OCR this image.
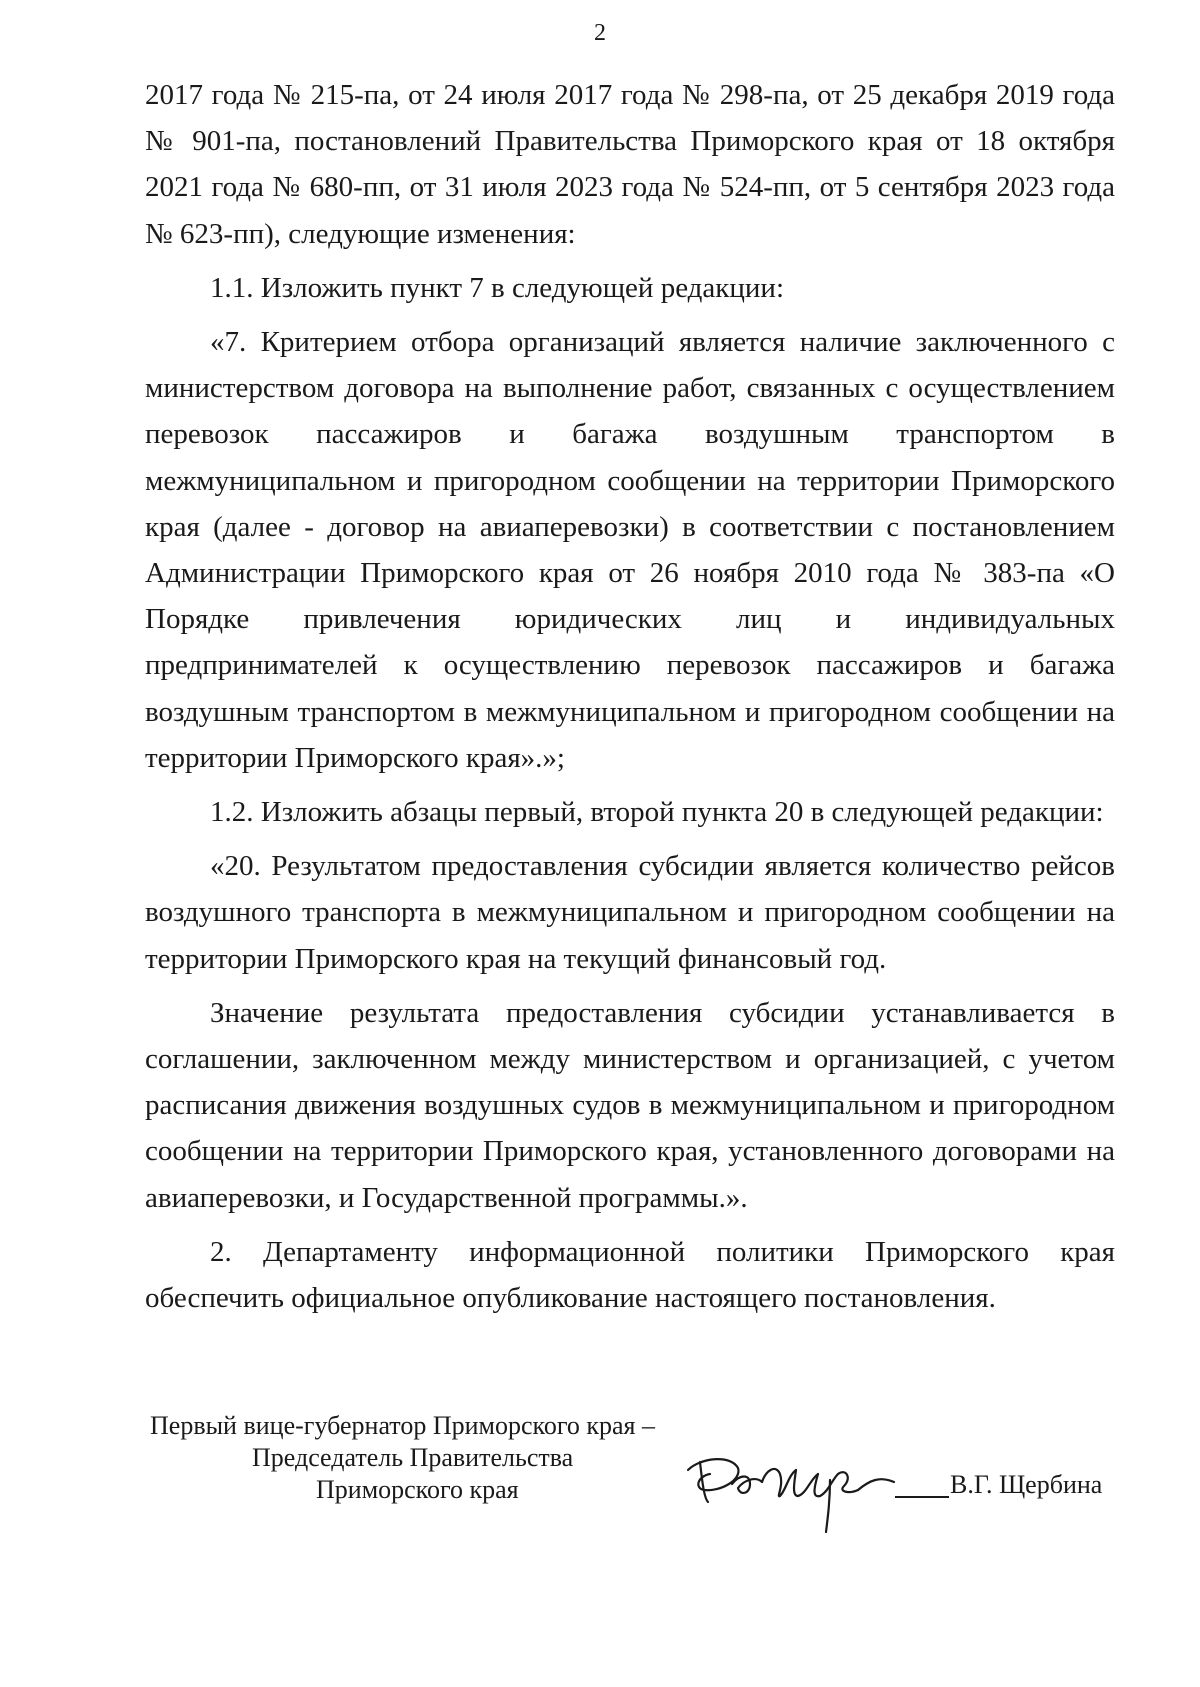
2

2017 года № 215-па, от 24 июля 2017 года № 298-па, от 25 декабря 2019 года № 901-па, постановлений Правительства Приморского края от 18 октября 2021 года № 680-пп, от 31 июля 2023 года № 524-пп, от 5 сентября 2023 года № 623-пп), следующие изменения:

1.1. Изложить пункт 7 в следующей редакции:

«7. Критерием отбора организаций является наличие заключенного с министерством договора на выполнение работ, связанных с осуществлением перевозок пассажиров и багажа воздушным транспортом в межмуниципальном и пригородном сообщении на территории Приморского края (далее - договор на авиаперевозки) в соответствии с постановлением Администрации Приморского края от 26 ноября 2010 года № 383-па «О Порядке привлечения юридических лиц и индивидуальных предпринимателей к осуществлению перевозок пассажиров и багажа воздушным транспортом в межмуниципальном и пригородном сообщении на территории Приморского края».»;

1.2. Изложить абзацы первый, второй пункта 20 в следующей редакции:

«20. Результатом предоставления субсидии является количество рейсов воздушного транспорта в межмуниципальном и пригородном сообщении на территории Приморского края на текущий финансовый год.

Значение результата предоставления субсидии устанавливается в соглашении, заключенном между министерством и организацией, с учетом расписания движения воздушных судов в межмуниципальном и пригородном сообщении на территории Приморского края, установленного договорами на авиаперевозки, и Государственной программы.».

2. Департаменту информационной политики Приморского края обеспечить официальное опубликование настоящего постановления.

Первый вице-губернатор Приморского края –
Председатель Правительства
Приморского края	В.Г. Щербина
